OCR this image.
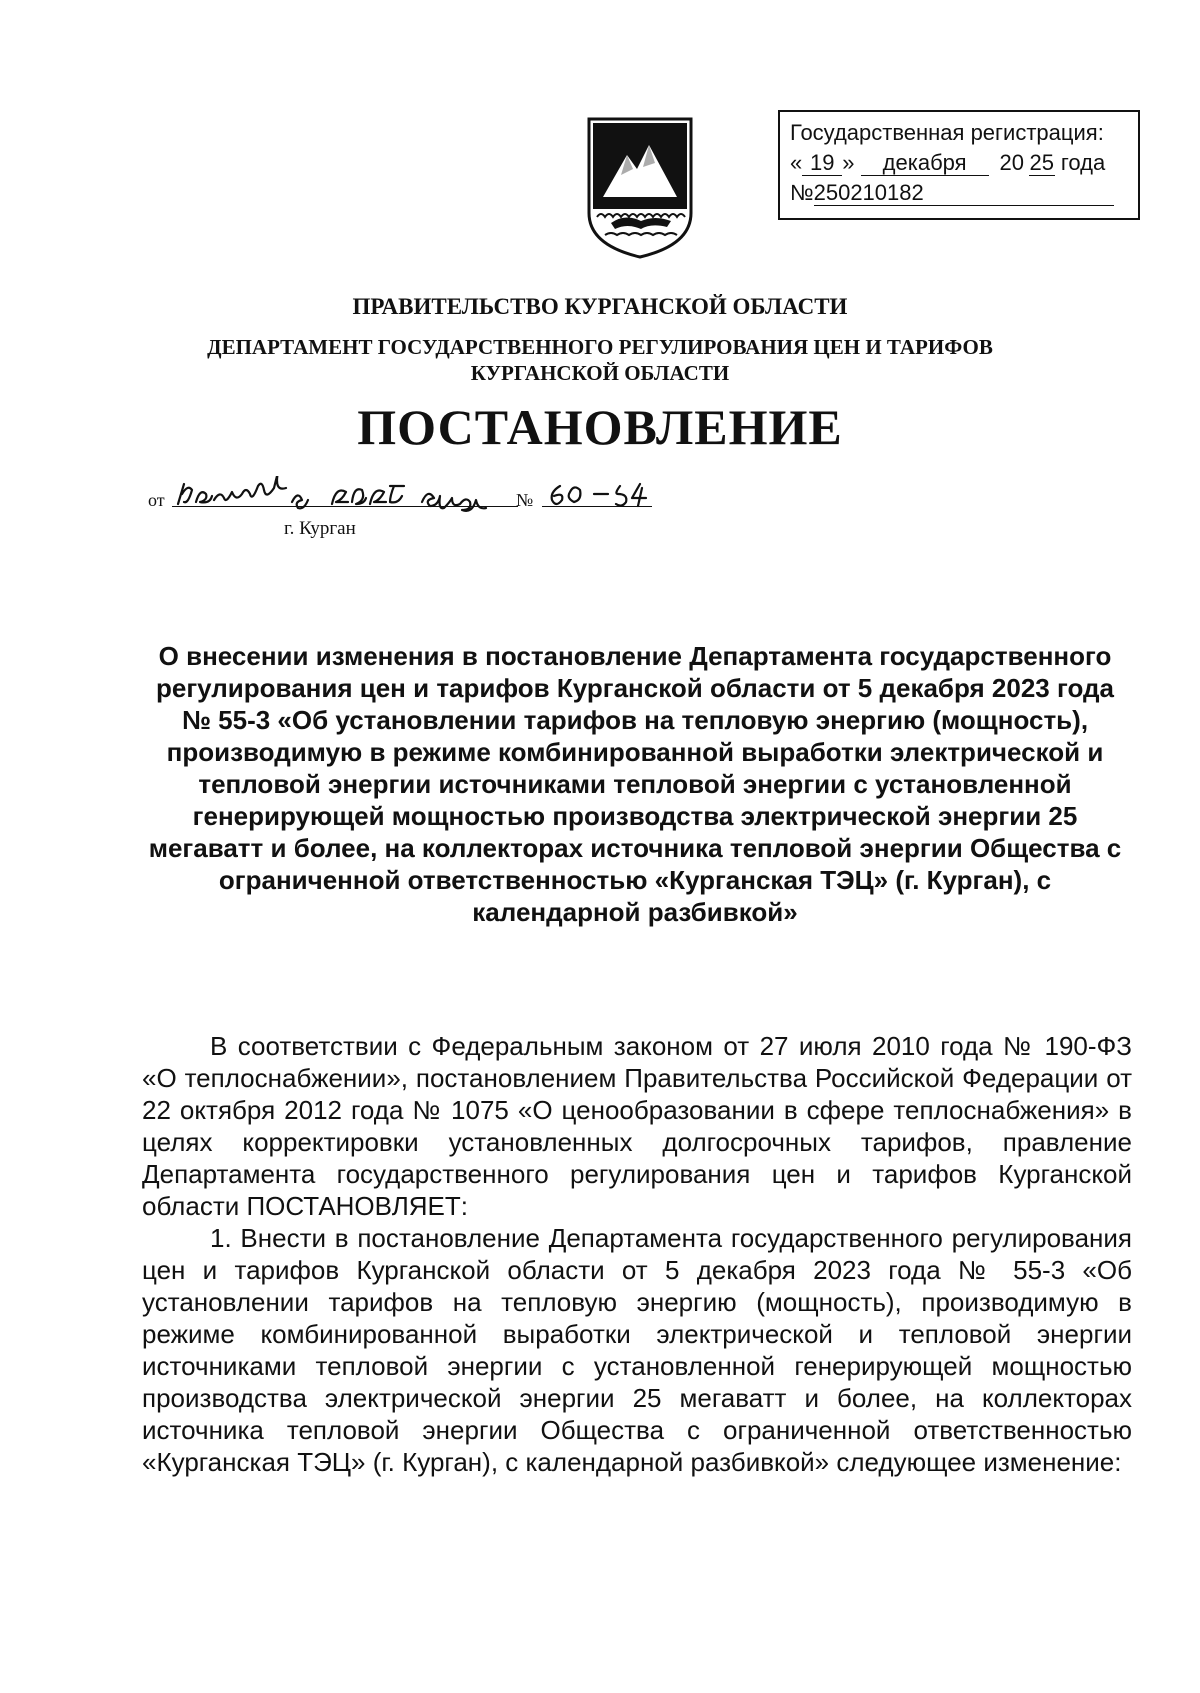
Государственная регистрация:
« 19 » декабря 20 25 года
№250210182
ПРАВИТЕЛЬСТВО КУРГАНСКОЙ ОБЛАСТИ
ДЕПАРТАМЕНТ ГОСУДАРСТВЕННОГО РЕГУЛИРОВАНИЯ ЦЕН И ТАРИФОВ
КУРГАНСКОЙ ОБЛАСТИ
ПОСТАНОВЛЕНИЕ
от	№
г. Курган
О внесении изменения в постановление Департамента государственного регулирования цен и тарифов Курганской области от 5 декабря 2023 года № 55-3 «Об установлении тарифов на тепловую энергию (мощность), производимую в режиме комбинированной выработки электрической и тепловой энергии источниками тепловой энергии с установленной генерирующей мощностью производства электрической энергии 25 мегаватт и более, на коллекторах источника тепловой энергии Общества с ограниченной ответственностью «Курганская ТЭЦ» (г. Курган), с календарной разбивкой»

В соответствии с Федеральным законом от 27 июля 2010 года № 190-ФЗ «О теплоснабжении», постановлением Правительства Российской Федерации от 22 октября 2012 года № 1075 «О ценообразовании в сфере теплоснабжения» в целях корректировки установленных долгосрочных тарифов, правление Департамента государственного регулирования цен и тарифов Курганской области ПОСТАНОВЛЯЕТ:

1. Внести в постановление Департамента государственного регулирования цен и тарифов Курганской области от 5 декабря 2023 года № 55-3 «Об установлении тарифов на тепловую энергию (мощность), производимую в режиме комбинированной выработки электрической и тепловой энергии источниками тепловой энергии с установленной генерирующей мощностью производства электрической энергии 25 мегаватт и более, на коллекторах источника тепловой энергии Общества с ограниченной ответственностью «Курганская ТЭЦ» (г. Курган), с календарной разбивкой» следующее изменение:
